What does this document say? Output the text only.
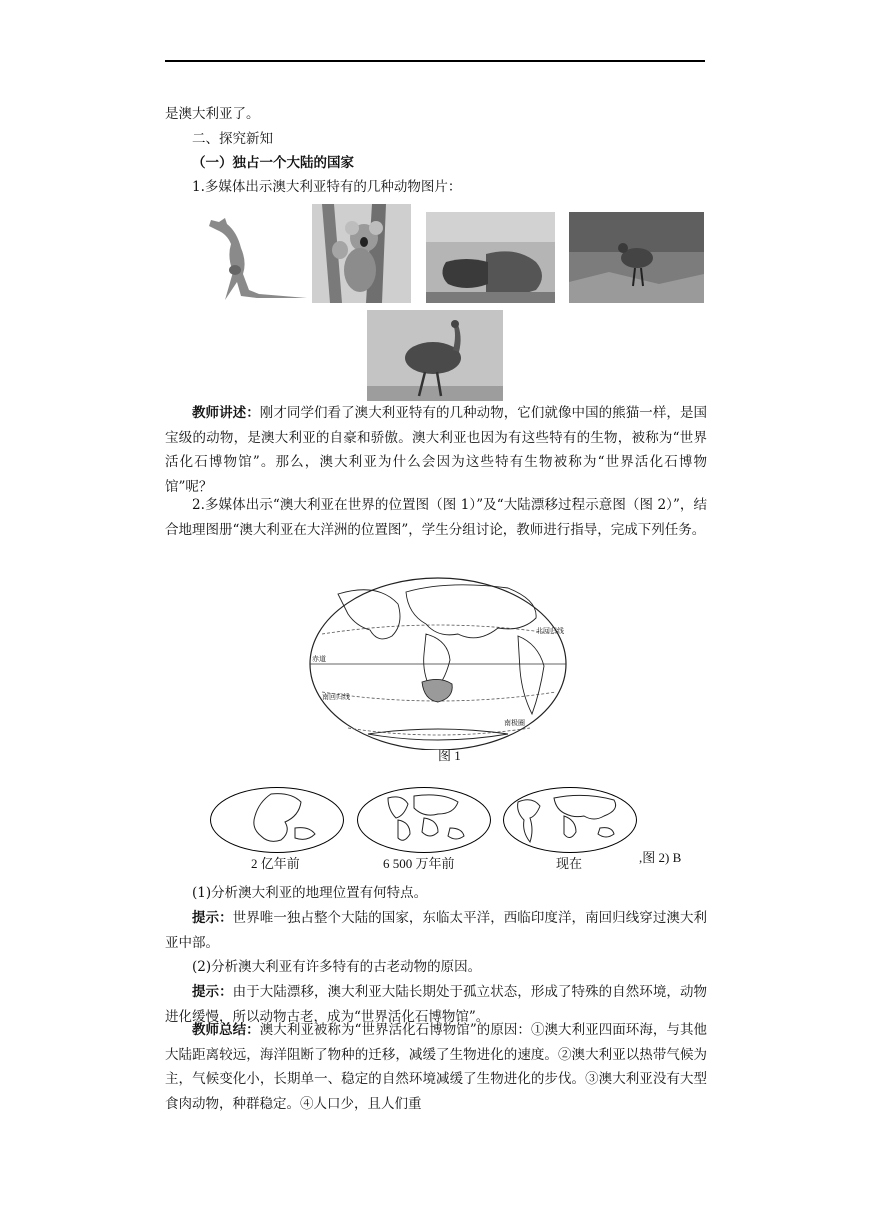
是澳大利亚了。
二、探究新知
（一）独占一个大陆的国家
1.多媒体出示澳大利亚特有的几种动物图片：
教师讲述：刚才同学们看了澳大利亚特有的几种动物，它们就像中国的熊猫一样，是国宝级的动物，是澳大利亚的自豪和骄傲。澳大利亚也因为有这些特有的生物，被称为“世界活化石博物馆”。那么，澳大利亚为什么会因为这些特有生物被称为“世界活化石博物馆”呢？
2.多媒体出示“澳大利亚在世界的位置图（图 1）”及“大陆漂移过程示意图（图 2）”，结合地理图册“澳大利亚在大洋洲的位置图”，学生分组讨论，教师进行指导，完成下列任务。
北回归线
赤道
南回归线
南极圈
图 1
2 亿年前	6 500 万年前	现在	,图 2) B
(1)分析澳大利亚的地理位置有何特点。
提示：世界唯一独占整个大陆的国家，东临太平洋，西临印度洋，南回归线穿过澳大利亚中部。
(2)分析澳大利亚有许多特有的古老动物的原因。
提示：由于大陆漂移，澳大利亚大陆长期处于孤立状态，形成了特殊的自然环境，动物进化缓慢，所以动物古老，成为“世界活化石博物馆”。
教师总结：澳大利亚被称为“世界活化石博物馆”的原因：①澳大利亚四面环海，与其他大陆距离较远，海洋阻断了物种的迁移，减缓了生物进化的速度。②澳大利亚以热带气候为主，气候变化小，长期单一、稳定的自然环境减缓了生物进化的步伐。③澳大利亚没有大型食肉动物，种群稳定。④人口少，且人们重
